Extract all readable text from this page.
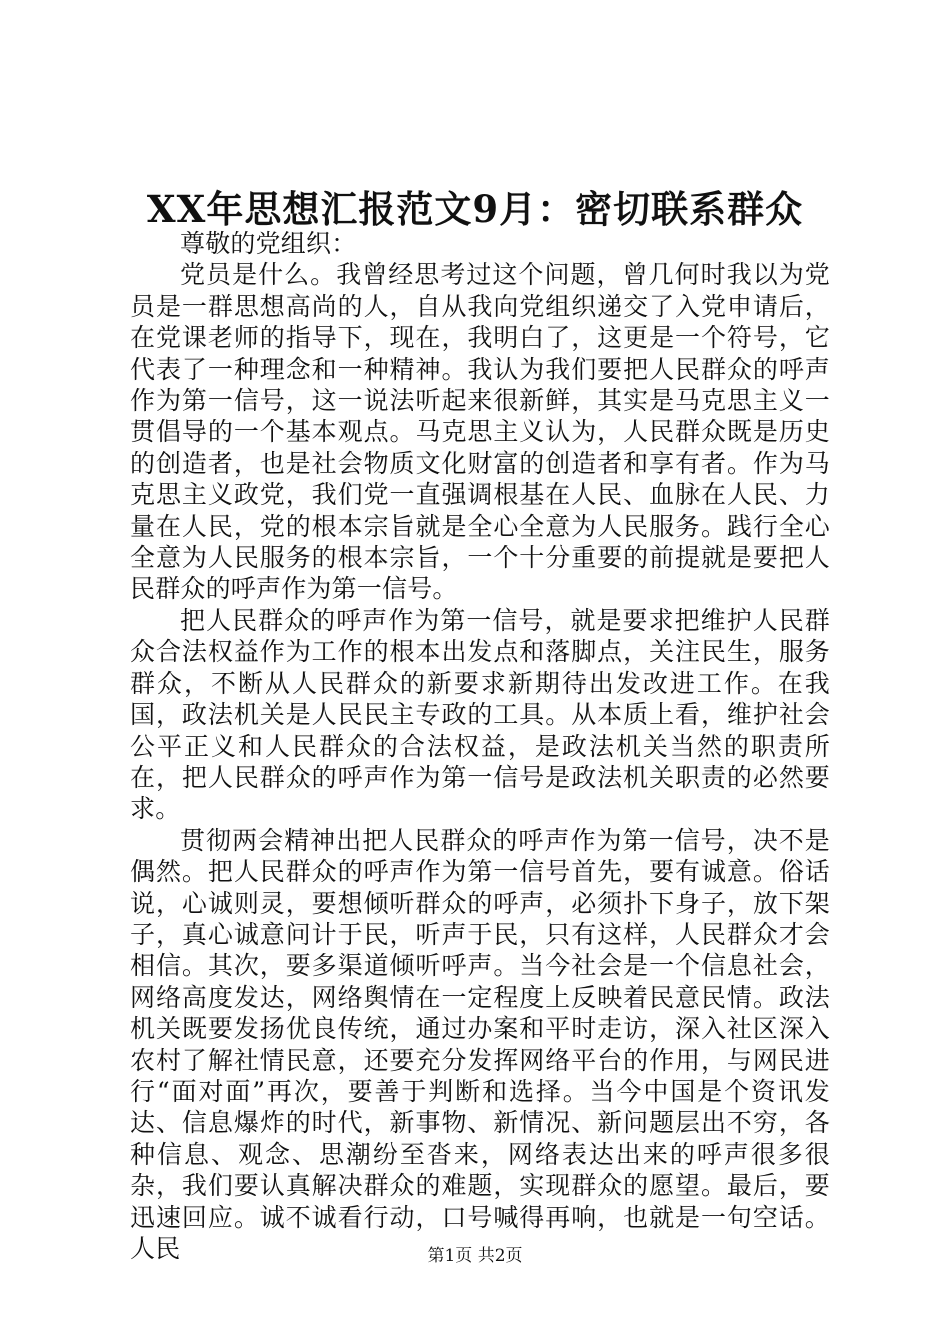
XX年思想汇报范文9月：密切联系群众

尊敬的党组织：

党员是什么。我曾经思考过这个问题，曾几何时我以为党员是一群思想高尚的人，自从我向党组织递交了入党申请后，在党课老师的指导下，现在，我明白了，这更是一个符号，它代表了一种理念和一种精神。我认为我们要把人民群众的呼声作为第一信号，这一说法听起来很新鲜，其实是马克思主义一贯倡导的一个基本观点。马克思主义认为，人民群众既是历史的创造者，也是社会物质文化财富的创造者和享有者。作为马克思主义政党，我们党一直强调根基在人民、血脉在人民、力量在人民，党的根本宗旨就是全心全意为人民服务。践行全心全意为人民服务的根本宗旨，一个十分重要的前提就是要把人民群众的呼声作为第一信号。

把人民群众的呼声作为第一信号，就是要求把维护人民群众合法权益作为工作的根本出发点和落脚点，关注民生，服务群众，不断从人民群众的新要求新期待出发改进工作。在我国，政法机关是人民民主专政的工具。从本质上看，维护社会公平正义和人民群众的合法权益，是政法机关当然的职责所在，把人民群众的呼声作为第一信号是政法机关职责的必然要求。

贯彻两会精神出把人民群众的呼声作为第一信号，决不是偶然。把人民群众的呼声作为第一信号首先，要有诚意。俗话说，心诚则灵，要想倾听群众的呼声，必须扑下身子，放下架子，真心诚意问计于民，听声于民，只有这样，人民群众才会相信。其次，要多渠道倾听呼声。当今社会是一个信息社会，网络高度发达，网络舆情在一定程度上反映着民意民情。政法机关既要发扬优良传统，通过办案和平时走访，深入社区深入农村了解社情民意，还要充分发挥网络平台的作用，与网民进行“面对面”再次，要善于判断和选择。当今中国是个资讯发达、信息爆炸的时代，新事物、新情况、新问题层出不穷，各种信息、观念、思潮纷至沓来，网络表达出来的呼声很多很杂，我们要认真解决群众的难题，实现群众的愿望。最后，要迅速回应。诚不诚看行动，口号喊得再响，也就是一句空话。人民	第1页 共2页
